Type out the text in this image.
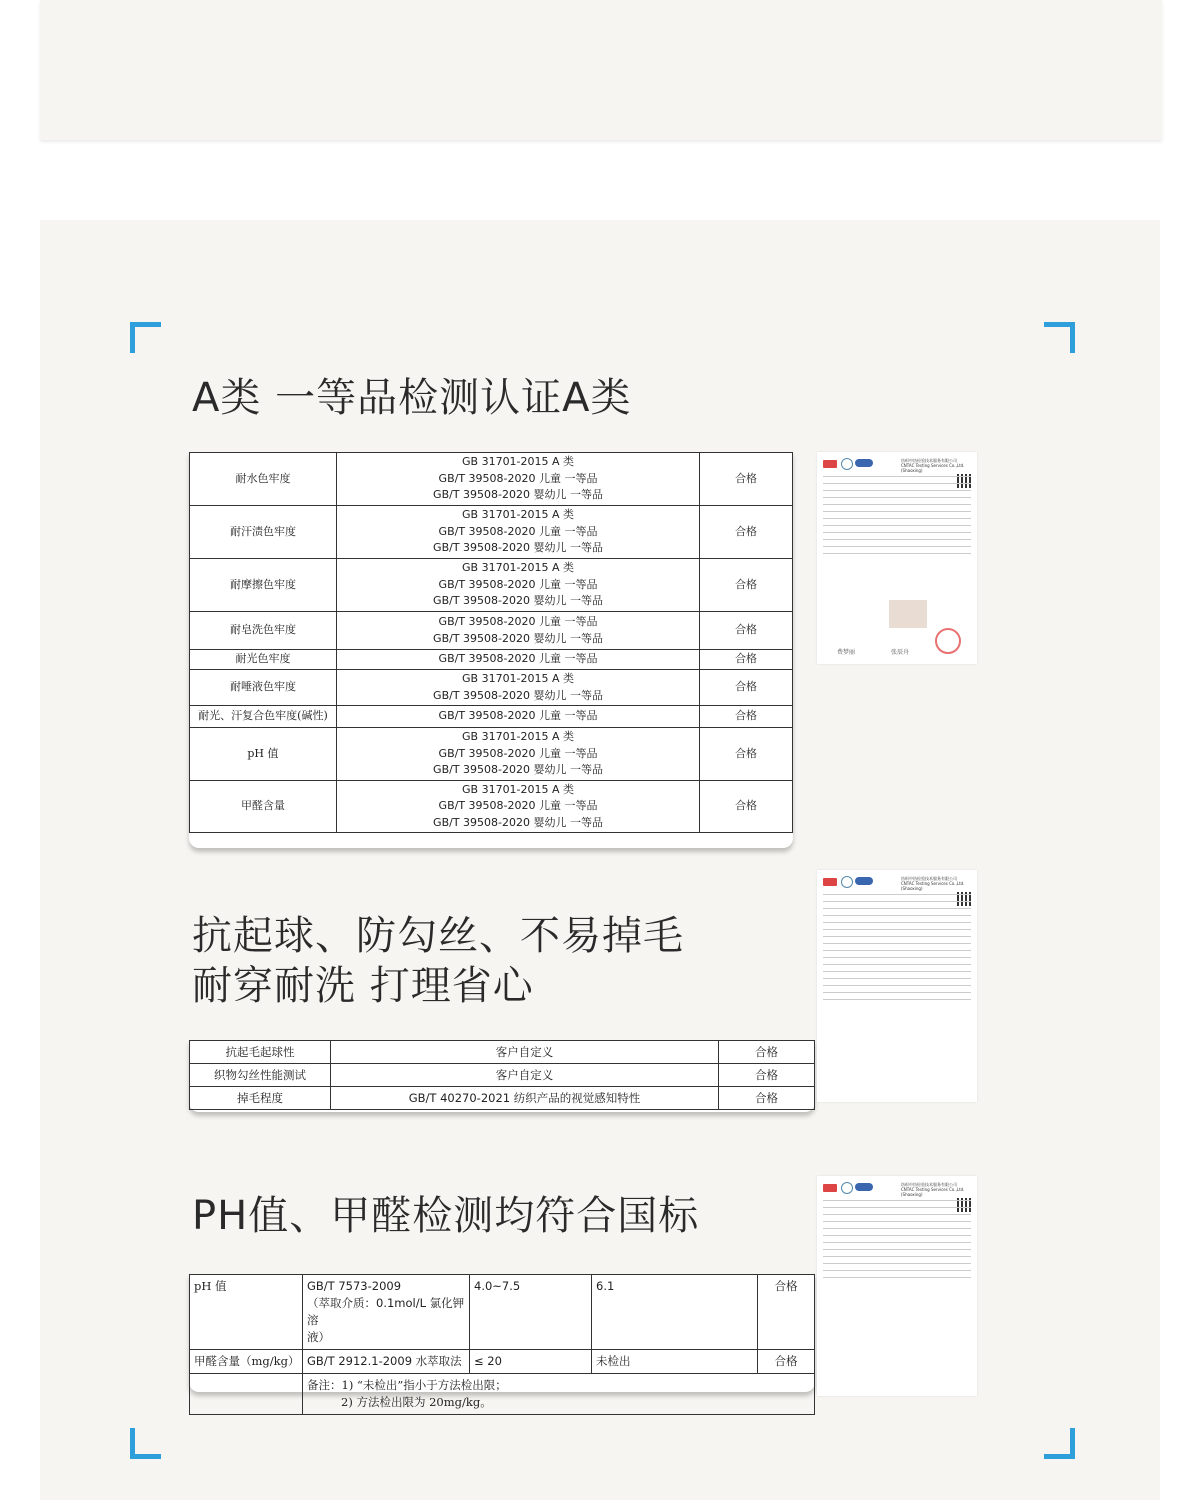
A类 一等品检测认证A类
耐水色牢度	GB 31701-2015 A 类
GB/T 39508-2020 儿童 一等品
GB/T 39508-2020 婴幼儿 一等品	合格
耐汗渍色牢度	GB 31701-2015 A 类
GB/T 39508-2020 儿童 一等品
GB/T 39508-2020 婴幼儿 一等品	合格
耐摩擦色牢度	GB 31701-2015 A 类
GB/T 39508-2020 儿童 一等品
GB/T 39508-2020 婴幼儿 一等品	合格
耐皂洗色牢度	GB/T 39508-2020 儿童 一等品
GB/T 39508-2020 婴幼儿 一等品	合格
耐光色牢度	GB/T 39508-2020 儿童 一等品	合格
耐唾液色牢度	GB 31701-2015 A 类
GB/T 39508-2020 婴幼儿 一等品	合格
耐光、汗复合色牢度(碱性)	GB/T 39508-2020 儿童 一等品	合格
pH 值	GB 31701-2015 A 类
GB/T 39508-2020 儿童 一等品
GB/T 39508-2020 婴幼儿 一等品	合格
甲醛含量	GB 31701-2015 A 类
GB/T 39508-2020 儿童 一等品
GB/T 39508-2020 婴幼儿 一等品	合格
纺织中纺检验技术服务有限公司
CNTAC Testing Services Co.,Ltd.(Shaoxing)
费梦丽	张辰舟
抗起球、防勾丝、不易掉毛
耐穿耐洗 打理省心
抗起毛起球性	客户自定义	合格
织物勾丝性能测试	客户自定义	合格
掉毛程度	GB/T 40270-2021 纺织产品的视觉感知特性	合格
纺织中纺检验技术服务有限公司
CNTAC Testing Services Co.,Ltd.(Shaoxing)
PH值、甲醛检测均符合国标
pH 值	GB/T 7573-2009
（萃取介质：0.1mol/L 氯化钾溶
液）	4.0~7.5	6.1	合格
甲醛含量（mg/kg）	GB/T 2912.1-2009 水萃取法	≤ 20	未检出	合格

	备注：1) “未检出”指小于方法检出限；
2) 方法检出限为 20mg/kg。			
纺织中纺检验技术服务有限公司
CNTAC Testing Services Co.,Ltd.(Shaoxing)
